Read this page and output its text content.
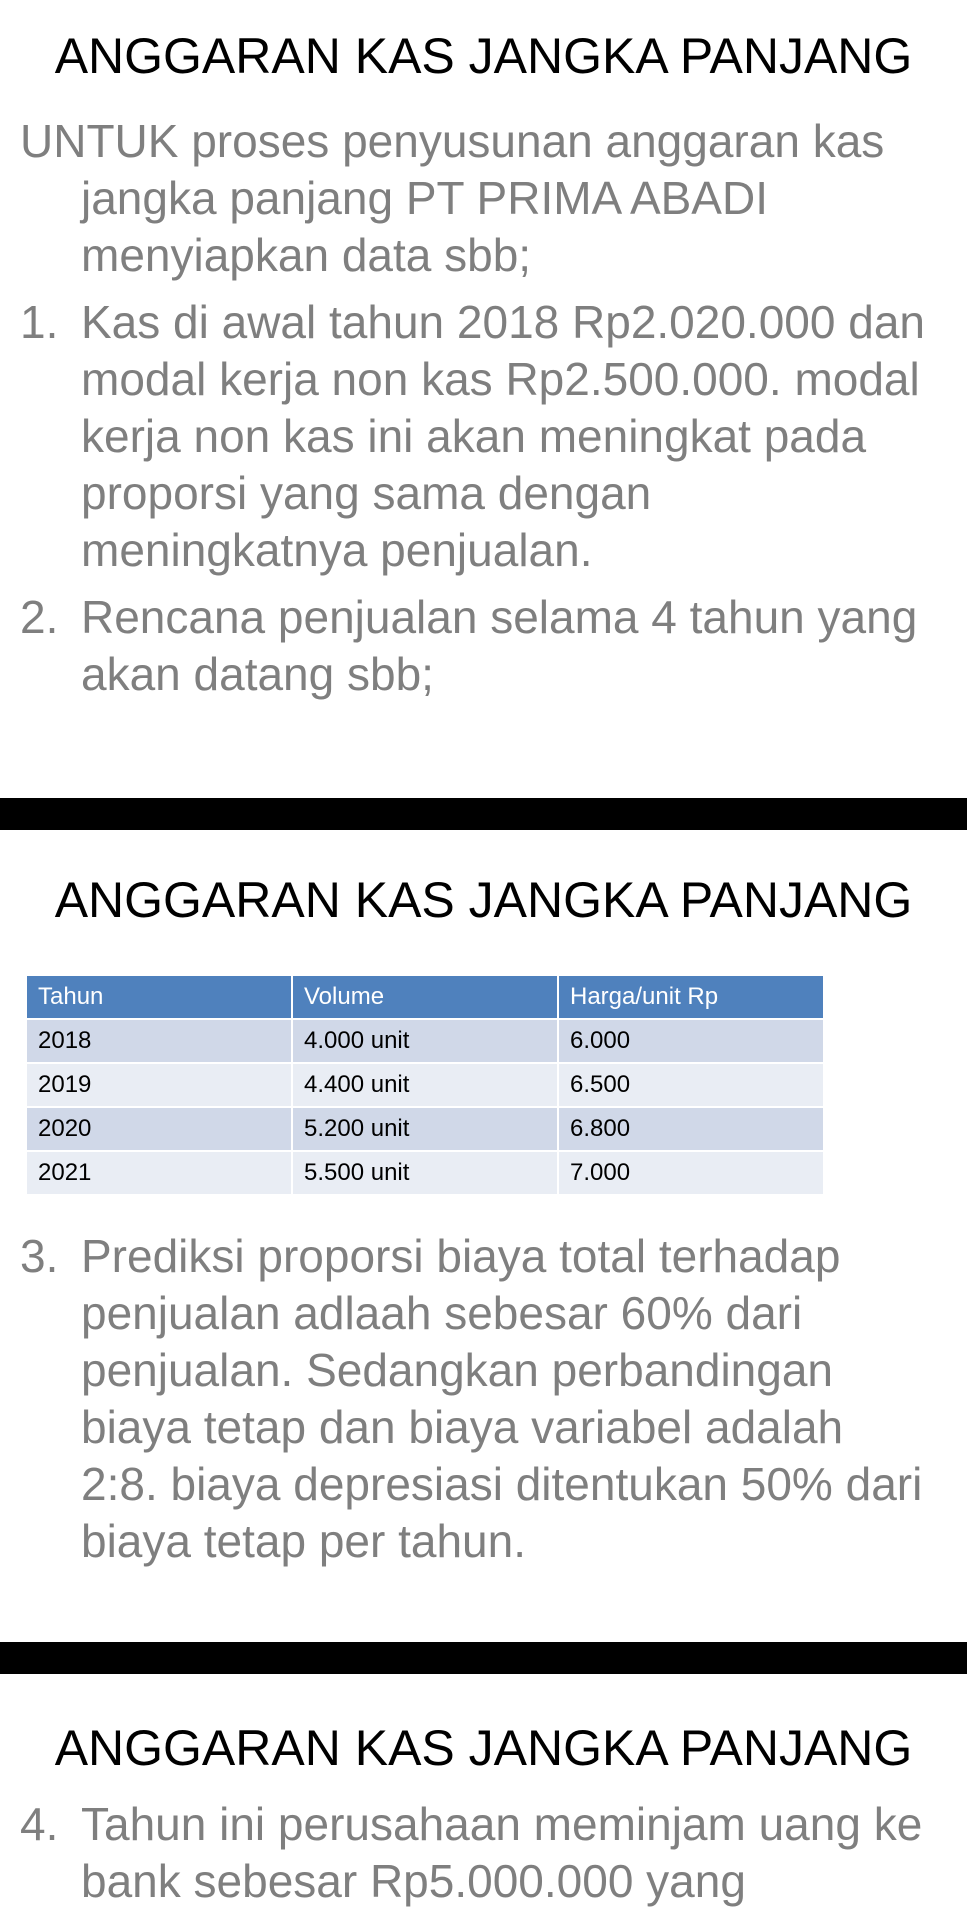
ANGGARAN KAS JANGKA PANJANG

UNTUK proses penyusunan anggaran kas jangka panjang PT PRIMA ABADI menyiapkan data sbb;

1. Kas di awal tahun 2018 Rp2.020.000 dan modal kerja non kas Rp2.500.000. modal kerja non kas ini akan meningkat pada proporsi yang sama dengan meningkatnya penjualan.

2. Rencana penjualan selama 4 tahun yang akan datang sbb;

ANGGARAN KAS JANGKA PANJANG
Tahun	Volume	Harga/unit Rp
2018	4.000 unit	6.000
2019	4.400 unit	6.500
2020	5.200 unit	6.800
2021	5.500 unit	7.000

3. Prediksi proporsi biaya total terhadap penjualan adlaah sebesar 60% dari penjualan. Sedangkan perbandingan biaya tetap dan biaya variabel adalah 2:8. biaya depresiasi ditentukan 50% dari biaya tetap per tahun.

ANGGARAN KAS JANGKA PANJANG

4. Tahun ini perusahaan meminjam uang ke bank sebesar Rp5.000.000 yang
